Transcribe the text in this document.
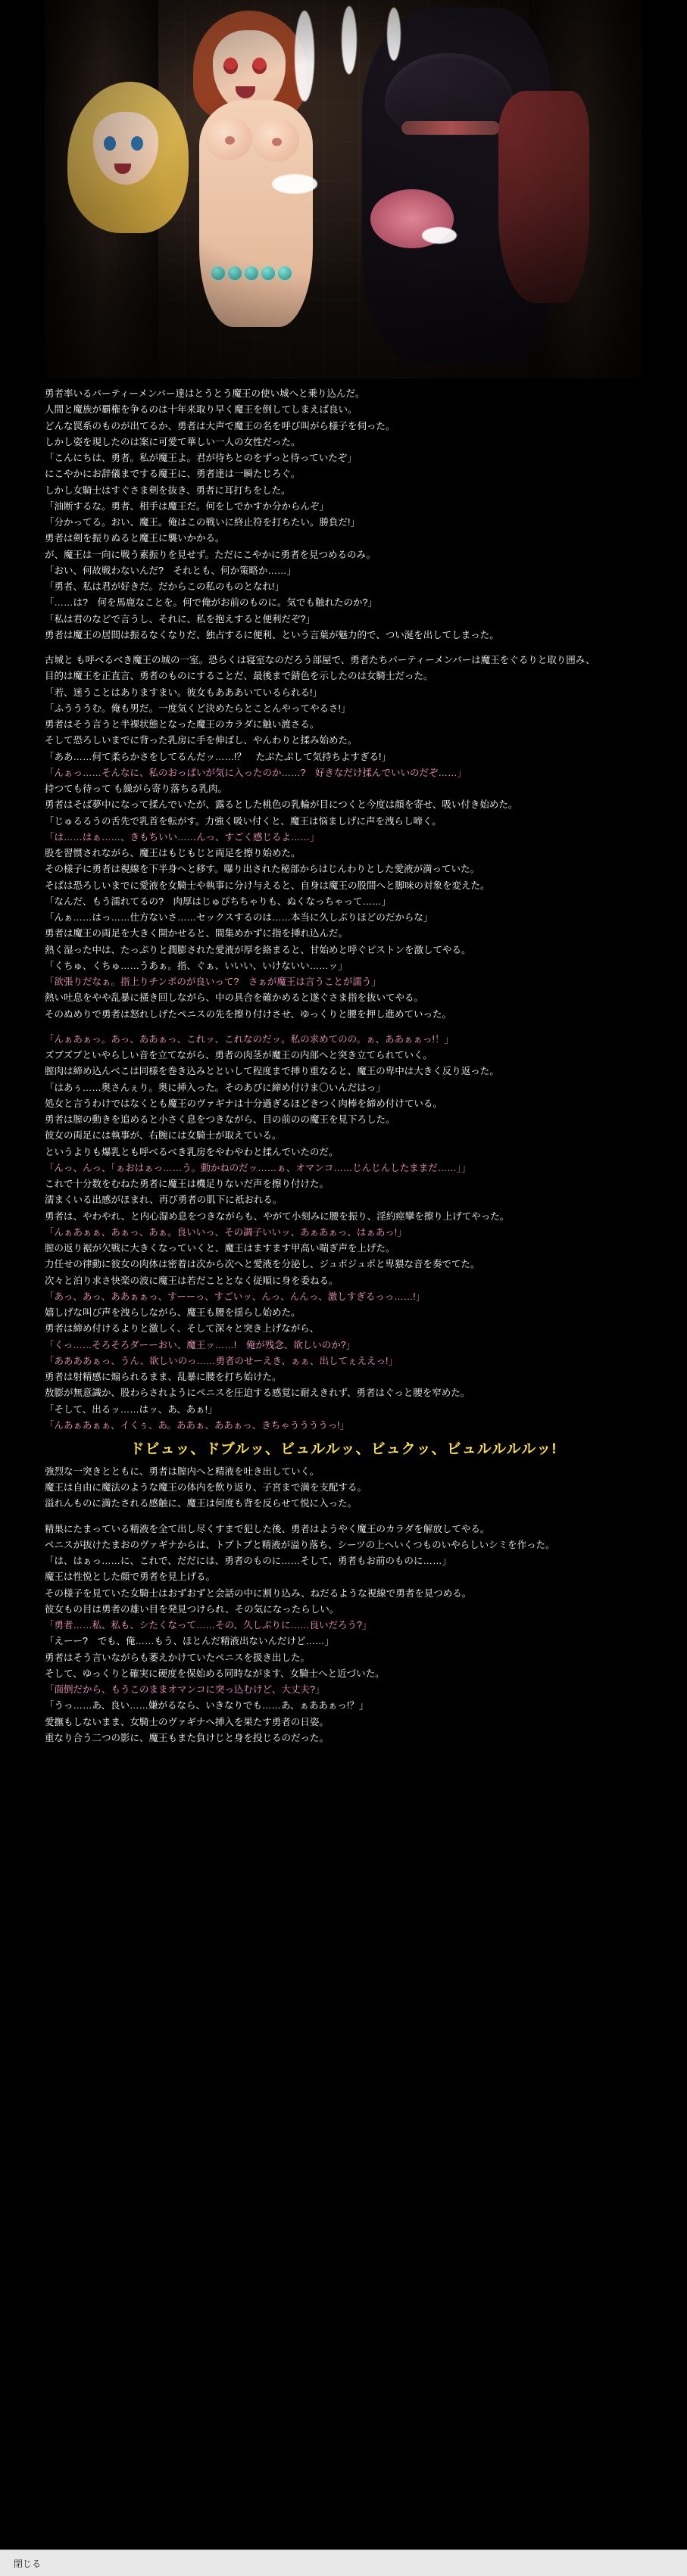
勇者率いるパーティーメンバー達はとうとう魔王の使い城へと乗り込んだ。
人間と魔族が覇権を争るのは十年来取り早く魔王を倒してしまえば良い。
どんな罠系のものが出てるか、勇者は大声で魔王の名を呼び叫がら様子を伺った。
しかし姿を現したのは案に可愛て華しい一人の女性だった。
「こんにちは、勇者。私が魔王よ。君が待ちとのをずっと待っていたぞ」
にこやかにお辞儀までする魔王に、勇者達は一瞬たじろぐ。
しかし女騎士はすぐさま剣を抜き、勇者に耳打ちをした。
「油断するな。勇者、相手は魔王だ。何をしでかすか分からんぞ」
「分かってる。おい、魔王。俺はこの戦いに終止符を打ちたい。勝負だ!」
勇者は剣を振りぬると魔王に襲いかかる。
が、魔王は一向に戦う素振りを見せず。ただにこやかに勇者を見つめるのみ。
「おい、何故戦わないんだ?　それとも、何か策略か……」
「勇者、私は君が好きだ。だからこの私のものとなれ!」
「……は?　何を馬鹿なことを。何で俺がお前のものに。気でも触れたのか?」
「私は君のなどで言うし、それに、私を抱えすると便利だぞ?」
勇者は魔王の居間は振るなくなりだ、独占するに便利、という言葉が魅力的で、つい涎を出してしまった。
古城と も呼べるべき魔王の城の一室。恐らくは寝室なのだろう部屋で、勇者たちパーティーメンバーは魔王をぐるりと取り囲み、
目的は魔王を正直言、勇者のものにすることだ、最後まで錆色を示したのは女騎士だった。
「若、迷うことはありますまい。彼女もあああいているられる!」
「ふうううむ。俺も男だ。一度気くど決めたらとことんやってやるさ!」
勇者はそう言うと半裸状態となった魔王のカラダに触い渡さる。
そして恐ろしいまでに背った乳房に手を伸ばし、やんわりと揉み始めた。
「ああ……何て柔らかさをしてるんだッ……!？　たぷたぷして気持ちよすぎる!」
「んぁっ……そんなに、私のおっぱいが気に入ったのか……?　好きなだけ揉んでいいのだぞ……」
持つても待って も繰がら寄り落ちる乳肉。
勇者はそば夢中になって揉んでいたが、露るとした桃色の乳輪が目につくと今度は顔を寄せ、吸い付き始めた。
「じゅるるうの舌先で乳首を転がす。力強く吸い付くと、魔王は悩ましげに声を洩らし啼く。
「は……はぁ……、きもちいい……んっ、すごく感じるよ……」
股を習惯されながら、魔王はもじもじと両足を擦り始めた。
その様子に勇者は視線を下半身へと移す。曝り出された秘部からはじんわりとした愛液が満っていた。
そばは恐ろしいまでに愛液を女騎士や執事に分け与えると、自身は魔王の股間へと脚味の対象を変えた。
「なんだ、もう濡れてるの?　肉厚はじゅぴちちゃりも、ぬくなっちゃって……」
「んぁ……はっ……仕方ないさ……セックスするのは……本当に久しぶりほどのだからな」
勇者は魔王の両足を大きく開かせると、間集めかずに指を挿れ込んだ。
熱く湿った中は、たっぷりと潤膨された愛液が厚を絡まると、甘始めと呼ぐピストンを激してやる。
「くちゅ、くちゅ……うあぁ。指、ぐぁ、いいい、いけないい……ッ」
「欲張りだなぁ。指上りチンポのが良いって?　さぁが魔王は言うことが濡う」
熱い吐息をやや乱暴に掻き回しながら、中の具合を確かめると遂ぐさま指を抜いてやる。
そのぬめりで勇者は怒れしげたペニスの先を擦り付けさせ、ゆっくりと腰を押し進めていった。
「んぁあぁっ。あっ、ああぁっ、これッ、これなのだッ。私の求めてのの。ぁ、ああぁぁっ!！」
ズブズブといやらしい音を立てながら、勇者の肉茎が魔王の内部へと突き立てられていく。
膣肉は締め込んべこは同様を巻き込みとといして程度まで挿り重なると、魔王の卑中は大きく反り返った。
「はあぅ……奥さんぇり。奥に挿入った。そのあびに締め付けま〇いんだはっ」
処女と言うわけではなくとも魔王のヴァギナは十分過ぎるほどきつく肉棒を締め付けている。
勇者は膣の動きを追めると小さく息をつきながら、目の前のの魔王を見下ろした。
彼女の両足には執事が、右腕には女騎士が取えている。
というよりも爆乳とも呼べるべき乳房をやわやわと揉んでいたのだ。
「んっ、んっ、「ぁおはぁっ……う。動かねのだッ……ぁ、オマンコ……じんじんしたままだ……」」
これで十分数をむねた勇者に魔王は機足りないだ声を擦り付けた。
濡まくいる出感がほまれ、再び勇者の肌下に祇おれる。
勇者は、やわやれ、と内心湿め息をつきながらも、やがて小刻みに腰を振り、淫約痙攣を擦り上げてやった。
「んぁあぁぁ、あぁっ、あぁ。良いいっ、その調子いいッ、あぁあぁっ、はぁあっ!」
膣の返り裾が欠戦に大きくなっていくと、魔王はますます甲高い喘ぎ声を上げた。
力任せの律動に彼女の肉体は密着は次から次へと愛液を分泌し、ジュポジュポと卑猥な音を奏でてた。
次々と泊り求さ快楽の波に魔王は若だこととなく従順に身を委ねる。
「あっ、あっ、ああぁぁっ、すーーっ、すごいッ、んっ、んんっ、激しすぎるっっ……!」
嬉しげな叫び声を洩らしながら、魔王も腰を揺らし始めた。
勇者は締め付けるよりと激しく、そして深々と突き上げながら、
「くっ……そろそろダーーおい、魔王ッ……!　俺が残念、欲しいのか?」
「ああああぁっ、うん、欲しいのっ……勇者のせーえき、ぁぁ、出してぇええっ!」
勇者は射精感に煽られるまま、乱暴に腰を打ち始けた。
敖膨が無意識か、股わらされようにペニスを圧迫する感覚に耐えきれず、勇者はぐっと腰を窄めた。
「そして、出るッ……はッ、あ、あぁ!」
「んあぁあぁぁ、イくぅ、あ。ああぁ、ああぁっ、きちゃううううっ!」
ドビュッ、ドブルッ、ビュルルッ、ビュクッ、ビュルルルルッ!
強烈な一突きとともに、勇者は膣内へと精液を吐き出していく。
魔王は自由に魔法のような魔王の体内を飲り返り、子宮まで満を支配する。
溢れんものに満たされる感触に、魔王は何度も背を反らせて悦に入った。
精巣にたまっている精液を全て出し尽くすまで犯した後、勇者はようやく魔王のカラダを解放してやる。
ペニスが抜けたまおのヴァギナからは、トプトプと精液が溢り落ち、シーツの上へいくつものいやらしいシミを作った。
「は、はぁっ……に、これで、だだには、勇者のものに……そして、勇者もお前のものに……」
魔王は性悦とした顔で勇者を見上げる。
その様子を見ていた女騎士はおずおずと会話の中に割り込み、ねだるような視線で勇者を見つめる。
彼女もの目は勇者の雄い目を発見つけられ、その気になったらしい。
「勇者……私、私も、シたくなって……その、久しぶりに……良いだろう?」
「えーー?　でも、俺……もう、ほとんだ精液出ないんだけど……」
勇者はそう言いながらも萎えかけていたペニスを扱き出した。
そして、ゆっくりと確実に硬度を保始める同時ながます、女騎士へと近づいた。
「面倒だから、もうこのままオマンコに突っ込むけど、大丈夫?」
「うっ……あ、良い……嫌がるなら、いきなりでも……あ、ぁああぁっ!？」
愛撫もしないまま、女騎士のヴァギナへ挿入を果たす勇者の日姿。
重なり合う二つの影に、魔王もまた負けじと身を投じるのだった。
閉じる
